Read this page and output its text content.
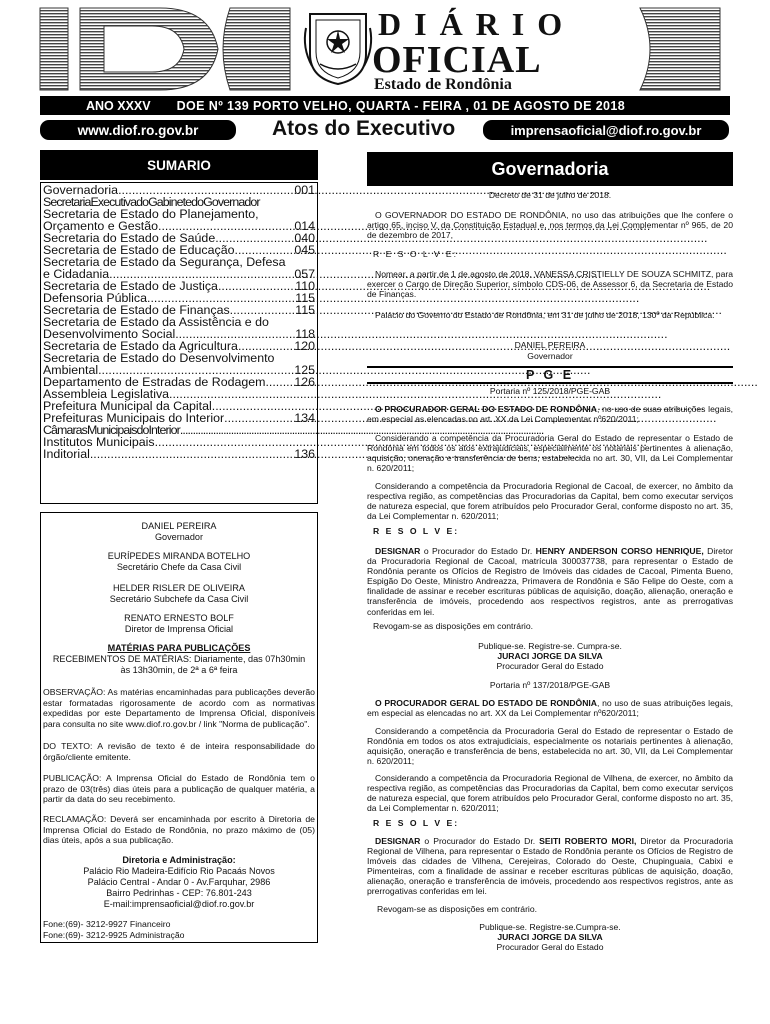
DIÁRIO
OFICIAL
Estado de Rondônia
ANO XXXV DOE Nº 139 PORTO VELHO, QUARTA - FEIRA , 01 DE AGOSTO DE 2018
www.diof.ro.gov.br	Atos do Executivo	imprensaoficial@diof.ro.gov.br
SUMARIO
Governadoria .....	001
SecretariaExecutivadoGabinetedoGovernador
Secretaria de Estado do Planejamento,
Orçamento e Gestão .....	014
Secretaria do Estado de Saúde .....	040
Secretaria de Estado de Educação .....	045
Secretaria de Estado da Segurança, Defesa
e Cidadania .....	057
Secretaria de Estado de Justiça .....	110
Defensoria Pública .....	115
Secretaria de Estado de Finanças .....	115
Secretaria de Estado da Assistência e do
Desenvolvimento Social .....	118
Secretaria de Estado da Agricultura .....	120
Secretaria de Estado do Desenvolvimento
Ambiental .....	125
Departamento de Estradas de Rodagem ..... 126
Assembleia Legislativa
.....
Prefeitura Municipal da Capital
.....
Prefeituras Municipais do Interior .....	134
CâmarasMunicipaisdoInterior
.....
Institutos Municipais
.....
Inditorial .....	136
DANIEL PEREIRA
Governador
EURÍPEDES MIRANDA BOTELHO
Secretário Chefe da Casa Civil
HELDER RISLER DE OLIVEIRA
Secretário Subchefe da Casa Civil
RENATO ERNESTO BOLF
Diretor de Imprensa Oficial
MATÉRIAS PARA PUBLICAÇÕES
RECEBIMENTOS DE MATÉRIAS: Diariamente, das 07h30min
às 13h30min, de 2ª a 6ª feira
OBSERVAÇÃO: As matérias encaminhadas para publicações deverão estar formatadas rigorosamente de acordo com as normativas expedidas por este Departamento de Imprensa Oficial, disponíveis para consulta no site www.diof.ro.gov.br / link "Norma de publicação".
DO TEXTO: A revisão de texto é de inteira responsabilidade do órgão/cliente emitente.
PUBLICAÇÃO: A Imprensa Oficial do Estado de Rondônia tem o prazo de 03(três) dias úteis para a publicação de qualquer matéria, a partir da data do seu recebimento.
RECLAMAÇÃO: Deverá ser encaminhada por escrito à Diretoria de Imprensa Oficial do Estado de Rondônia, no prazo máximo de (05) dias úteis, após a sua publicação.
Diretoria e Administração:
Palácio Rio Madeira-Edifício Rio Pacaás Novos
Palácio Central - Andar 0 - Av.Farquhar, 2986
Bairro Pedrinhas - CEP: 76.801-243
E-mail:imprensaoficial@diof.ro.gov.br
Fone:(69)- 3212-9927 Financeiro
Fone:(69)- 3212-9925 Administração
Governadoria
Decreto de 31 de julho de 2018.
O GOVERNADOR DO ESTADO DE RONDÔNIA, no uso das atribuições que lhe confere o artigo 65, inciso V, da Constituição Estadual e, nos termos da Lei Complementar nº 965, de 20 de dezembro de 2017,
R E S O L V E:
Nomear, a partir de 1 de agosto de 2018, VANESSA CRISTIELLY DE SOUZA SCHMITZ, para exercer o Cargo de Direção Superior, símbolo CDS-06, de Assessor 6, da Secretaria de Estado de Finanças.
Palácio do Governo do Estado de Rondônia, em 31 de julho de 2018, 130º da República.
DANIEL PEREIRA
Governador
P G E
Portaria nº 125/2018/PGE-GAB
O PROCURADOR GERAL DO ESTADO DE RONDÔNIA, no uso de suas atribuições legais, em especial as elencadas no art. XX da Lei Complementar nº620/2011;
Considerando a competência da Procuradoria Geral do Estado de representar o Estado de Rondônia em todos os atos extrajudiciais, especialmente os notariais pertinentes à alienação, aquisição, oneração e transferência de bens, estabelecida no art. 30, VII, da Lei Complementar n. 620/2011;
Considerando a competência da Procuradoria Regional de Cacoal, de exercer, no âmbito da respectiva região, as competências das Procuradorias da Capital, bem como executar serviços de natureza especial, que forem atribuídos pelo Procurador Geral, conforme disposto no art. 35, da Lei Complementar n. 620/2011;
R E S O L V E:
DESIGNAR o Procurador do Estado Dr. HENRY ANDERSON CORSO HENRIQUE, Diretor da Procuradoria Regional de Cacoal, matrícula 300037738, para representar o Estado de Rondônia perante os Ofícios de Registro de Imóveis das cidades de Cacoal, Pimenta Bueno, Espigão Do Oeste, Ministro Andreazza, Primavera de Rondônia e São Felipe do Oeste, com a finalidade de assinar e receber escrituras públicas de aquisição, doação, alienação, oneração e transferência de imóveis, procedendo aos respectivos registros, ante as prerrogativas conferidas em lei.
Revogam-se as disposições em contrário.
Publique-se. Registre-se. Cumpra-se.
JURACI JORGE DA SILVA
Procurador Geral do Estado
Portaria nº 137/2018/PGE-GAB
O PROCURADOR GERAL DO ESTADO DE RONDÔNIA, no uso de suas atribuições legais, em especial as elencadas no art. XX da Lei Complementar nº620/2011;
Considerando a competência da Procuradoria Geral do Estado de representar o Estado de Rondônia em todos os atos extrajudiciais, especialmente os notariais pertinentes à alienação, aquisição, oneração e transferência de bens, estabelecida no art. 30, VII, da Lei Complementar n. 620/2011;
Considerando a competência da Procuradoria Regional de Vilhena, de exercer, no âmbito da respectiva região, as competências das Procuradorias da Capital, bem como executar serviços de natureza especial, que forem atribuídos pelo Procurador Geral, conforme disposto no art. 35, da Lei Complementar n. 620/2011;
R E S O L V E:
DESIGNAR o Procurador do Estado Dr. SEITI ROBERTO MORI, Diretor da Procuradoria Regional de Vilhena, para representar o Estado de Rondônia perante os Ofícios de Registro de Imóveis das cidades de Vilhena, Cerejeiras, Colorado do Oeste, Chupinguaia, Cabixi e Pimenteiras, com a finalidade de assinar e receber escrituras públicas de aquisição, doação, alienação, oneração e transferência de imóveis, procedendo aos respectivos registros, ante as prerrogativas conferidas em lei.
Revogam-se as disposições em contrário.
Publique-se. Registre-se.Cumpra-se.
JURACI JORGE DA SILVA
Procurador Geral do Estado
